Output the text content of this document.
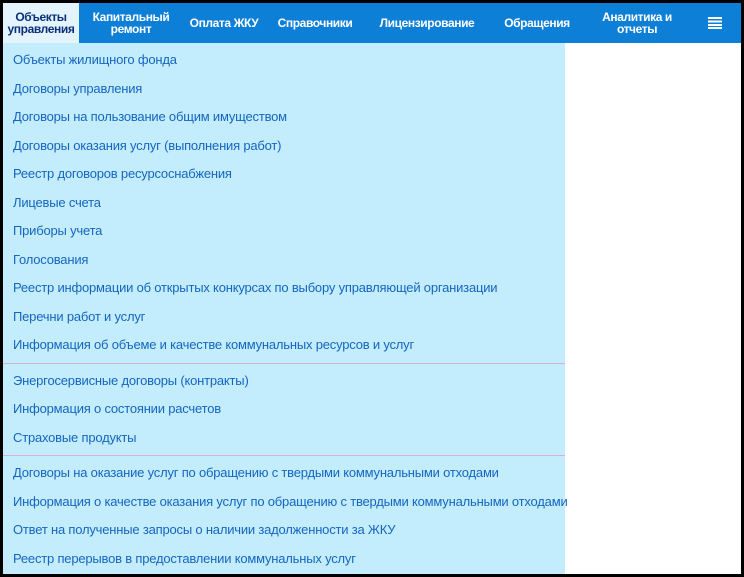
Объекты
управления
Капитальный
ремонт	Оплата ЖКУ Справочники Лицензирование Обращения	Аналитика и
отчеты
Объекты жилищного фонда
Договоры управления
Договоры на пользование общим имуществом
Договоры оказания услуг (выполнения работ)
Реестр договоров ресурсоснабжения
Лицевые счета
Приборы учета
Голосования
Реестр информации об открытых конкурсах по выбору управляющей организации
Перечни работ и услуг
Информация об объеме и качестве коммунальных ресурсов и услуг
Энергосервисные договоры (контракты)
Информация о состоянии расчетов
Страховые продукты
Договоры на оказание услуг по обращению с твердыми коммунальными отходами
Информация о качестве оказания услуг по обращению с твердыми коммунальными отходами
Ответ на полученные запросы о наличии задолженности за ЖКУ
Реестр перерывов в предоставлении коммунальных услуг
